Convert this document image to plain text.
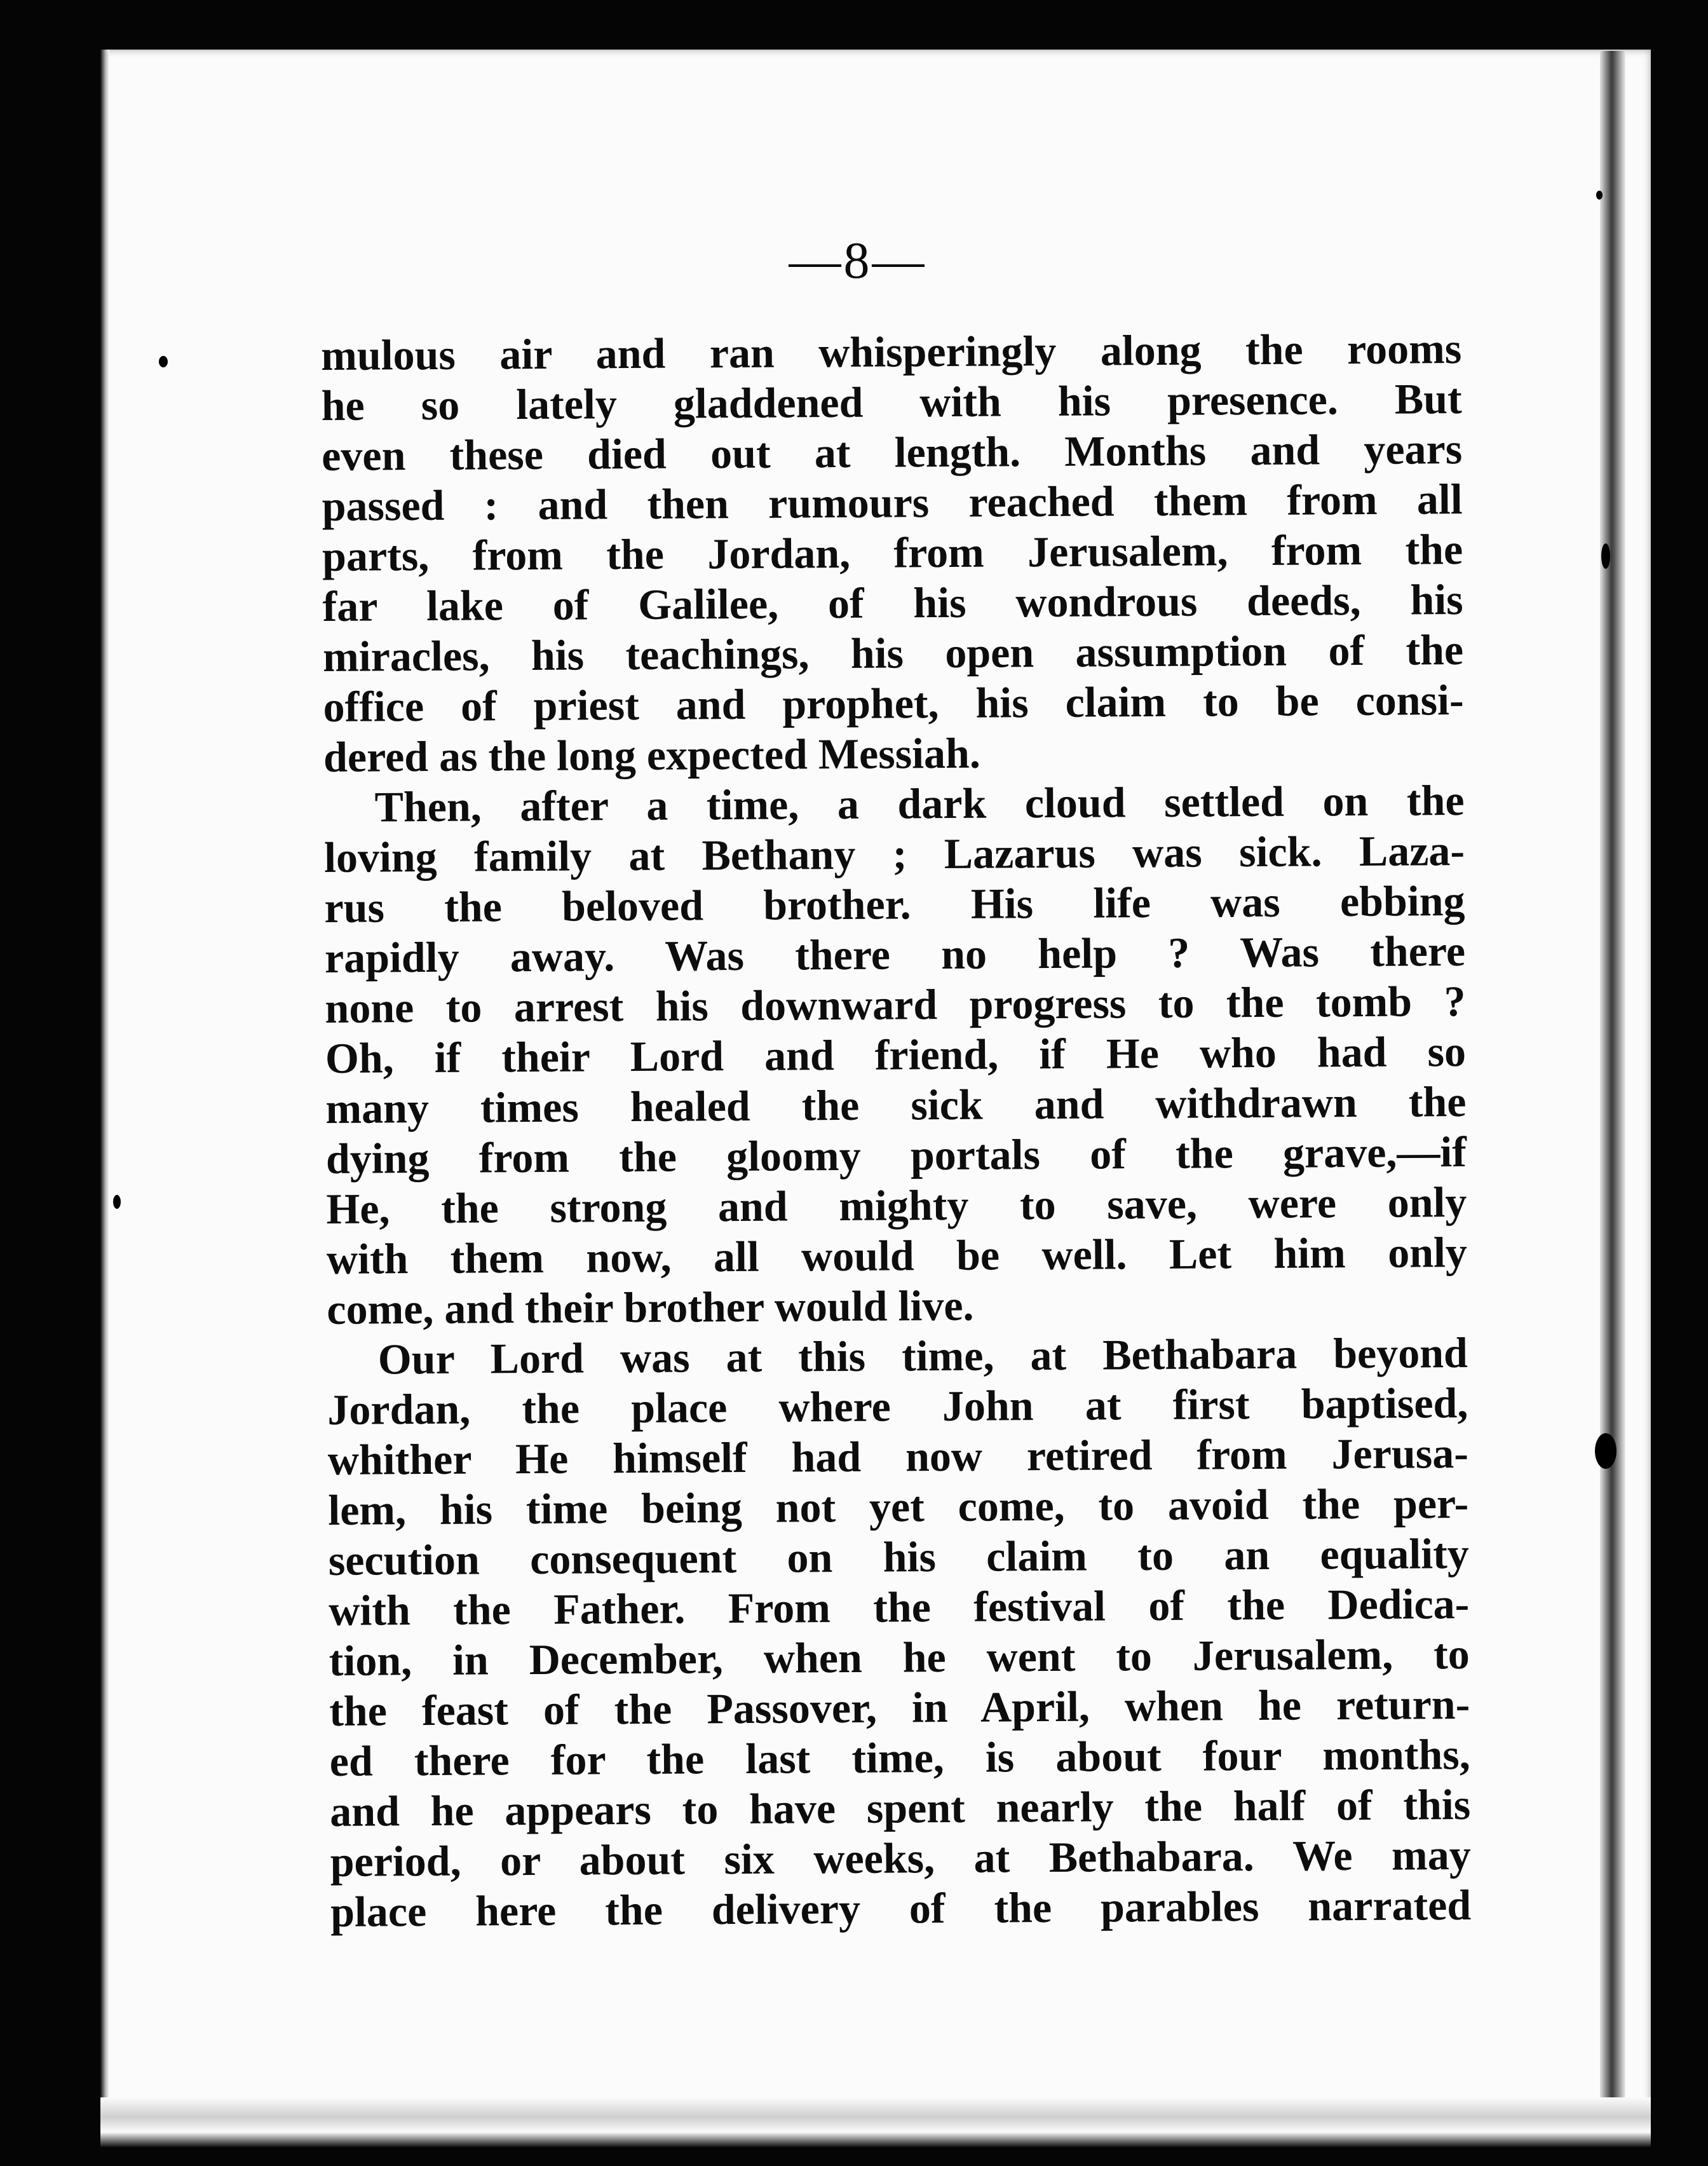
—8—
mulous air and ran whisperingly along the rooms
he so lately gladdened with his presence. But
even these died out at length. Months and years
passed : and then rumours reached them from all
parts, from the Jordan, from Jerusalem, from the
far lake of Galilee, of his wondrous deeds, his
miracles, his teachings, his open assumption of the
office of priest and prophet, his claim to be consi-
dered as the long expected Messiah.
Then, after a time, a dark cloud settled on the
loving family at Bethany ; Lazarus was sick. Laza-
rus the beloved brother. His life was ebbing
rapidly away. Was there no help ? Was there
none to arrest his downward progress to the tomb ?
Oh, if their Lord and friend, if He who had so
many times healed the sick and withdrawn the
dying from the gloomy portals of the grave,—if
He, the strong and mighty to save, were only
with them now, all would be well. Let him only
come, and their brother would live.
Our Lord was at this time, at Bethabara beyond
Jordan, the place where John at first baptised,
whither He himself had now retired from Jerusa-
lem, his time being not yet come, to avoid the per-
secution consequent on his claim to an equality
with the Father. From the festival of the Dedica-
tion, in December, when he went to Jerusalem, to
the feast of the Passover, in April, when he return-
ed there for the last time, is about four months,
and he appears to have spent nearly the half of this
period, or about six weeks, at Bethabara. We may
place here the delivery of the parables narrated
